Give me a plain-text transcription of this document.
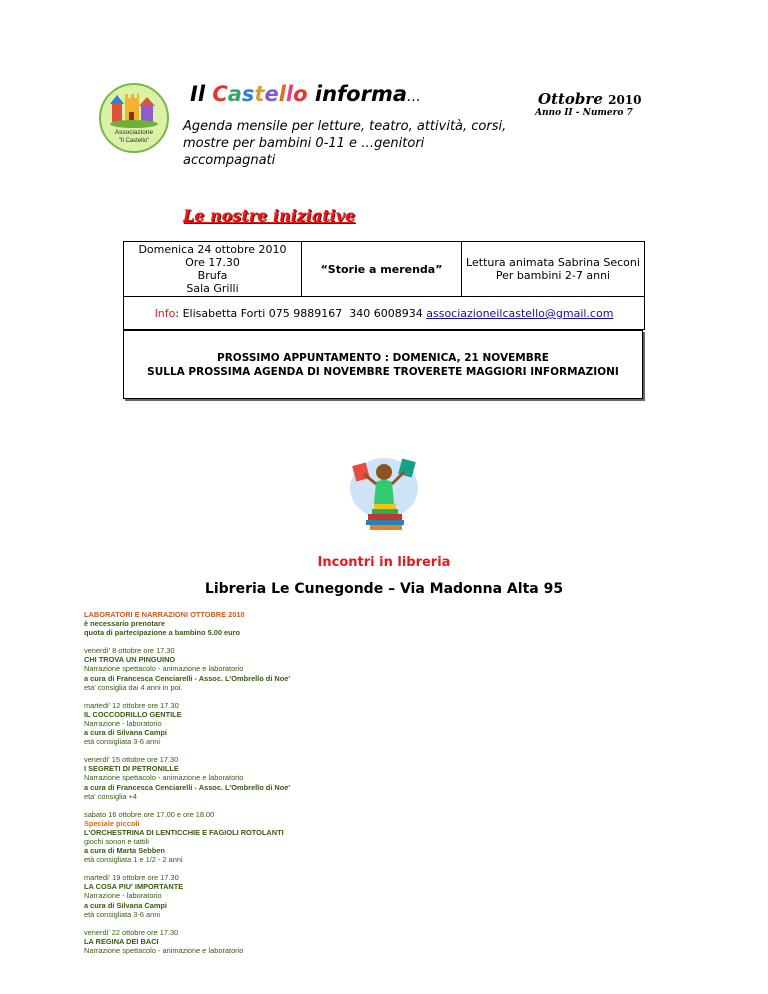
Associazione
"Il Castello"
Il Castello informa…	Ottobre 2010
Anno II - Numero 7
Agenda mensile per letture, teatro, attività, corsi,
mostre per bambini 0-11 e …genitori accompagnati
Le nostre iniziative
Domenica 24 ottobre 2010
Ore 17.30
Brufa
Sala Grilli
“Storie a merenda”	Lettura animata Sabrina Seconi
Per bambini 2-7 anni
Info : Elisabetta Forti 075 9889167  340 6008934 associazioneilcastello@gmail.com
PROSSIMO APPUNTAMENTO : DOMENICA, 21 NOVEMBRE
SULLA PROSSIMA AGENDA DI NOVEMBRE TROVERETE MAGGIORI INFORMAZIONI
Incontri in libreria
Libreria Le Cunegonde – Via Madonna Alta 95
LABORATORI E NARRAZIONI OTTOBRE 2010
è necessario prenotare
quota di partecipazione a bambino 5.00 euro
venerdì' 8 ottobre ore 17.30
CHI TROVA UN PINGUINO
Narrazione spettacolo - animazione e laboratorio
a cura di Francesca Cenciarelli - Assoc. L'Ombrello di Noe'
eta' consiglia dai 4 anni in poi.
martedi' 12 ottobre ore 17.30
IL COCCODRILLO GENTILE
Narrazione - laboratorio
a cura di Silvana Campi
età consigliata 3-6 anni
venerdi' 15 ottobre ore 17.30
I SEGRETI DI PETRONILLE
Narrazione spettacolo - animazione e laboratorio
a cura di Francesca Cenciarelli - Assoc. L'Ombrello di Noe'
eta' consiglia +4
sabato 16 ottobre ore 17.00 e ore 18.00
Speciale piccoli
L'ORCHESTRINA DI LENTICCHIE E FAGIOLI ROTOLANTI
giochi sonori e tattili
a cura di Marta Sebben
età consigliata 1 e 1/2 - 2 anni
martedi' 19 ottobre ore 17.30
LA COSA PIU' IMPORTANTE
Narrazione - laboratorio
a cura di Silvana Campi
età consigliata 3-6 anni
venerdi' 22 ottobre ore 17.30
LA REGINA DEI BACI
Narrazione spettacolo - animazione e laboratorio
